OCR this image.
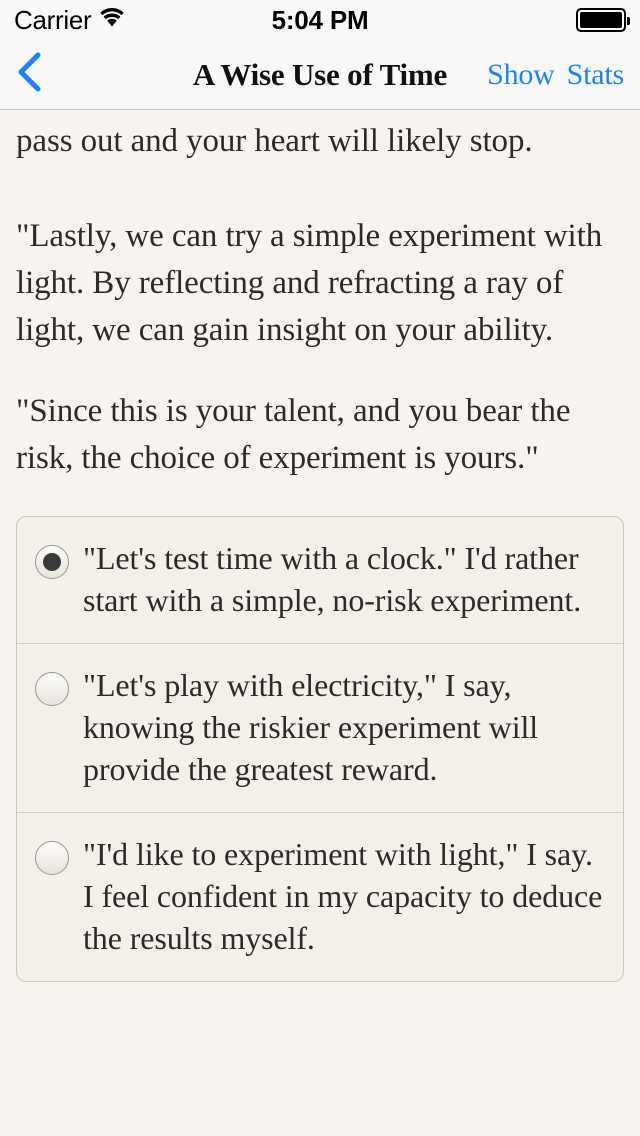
Carrier	5:04 PM
A Wise Use of Time	Show Stats

pass out and your heart will likely stop.

"Lastly, we can try a simple experiment with light. By reflecting and refracting a ray of light, we can gain insight on your ability.

"Since this is your talent, and you bear the risk, the choice of experiment is yours."

"Let's test time with a clock." I'd rather start with a simple, no-risk experiment.
"Let's play with electricity," I say, knowing the riskier experiment will provide the greatest reward.
"I'd like to experiment with light," I say. I feel confident in my capacity to deduce the results myself.
